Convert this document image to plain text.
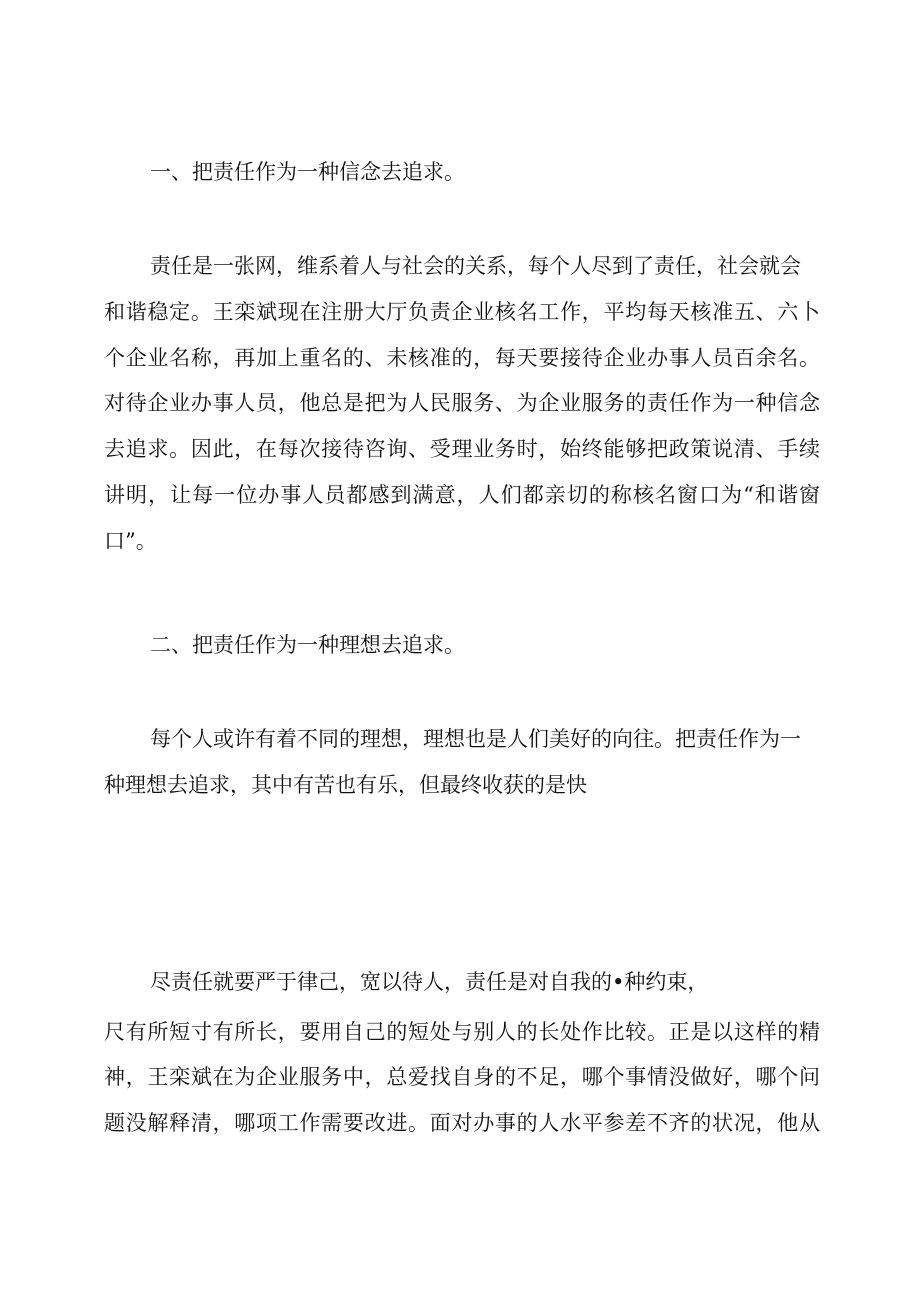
一、把责任作为一种信念去追求。
责任是一张网，维系着人与社会的关系，每个人尽到了责任，社会就会
和谐稳定。王栾斌现在注册大厅负责企业核名工作，平均每天核准五、六卜
个企业名称，再加上重名的、未核准的，每天要接待企业办事人员百余名。
对待企业办事人员，他总是把为人民服务、为企业服务的责任作为一种信念
去追求。因此，在每次接待咨询、受理业务时，始终能够把政策说清、手续
讲明，让每一位办事人员都感到满意，人们都亲切的称核名窗口为“和谐窗
口”。
二、把责任作为一种理想去追求。
每个人或许有着不同的理想，理想也是人们美好的向往。把责任作为一
种理想去追求，其中有苦也有乐，但最终收获的是快
尽责任就要严于律己，宽以待人，责任是对自我的•种约束，
尺有所短寸有所长，要用自己的短处与别人的长处作比较。正是以这样的精
神，王栾斌在为企业服务中，总爱找自身的不足，哪个事情没做好，哪个问
题没解释清，哪项工作需要改进。面对办事的人水平参差不齐的状况，他从
